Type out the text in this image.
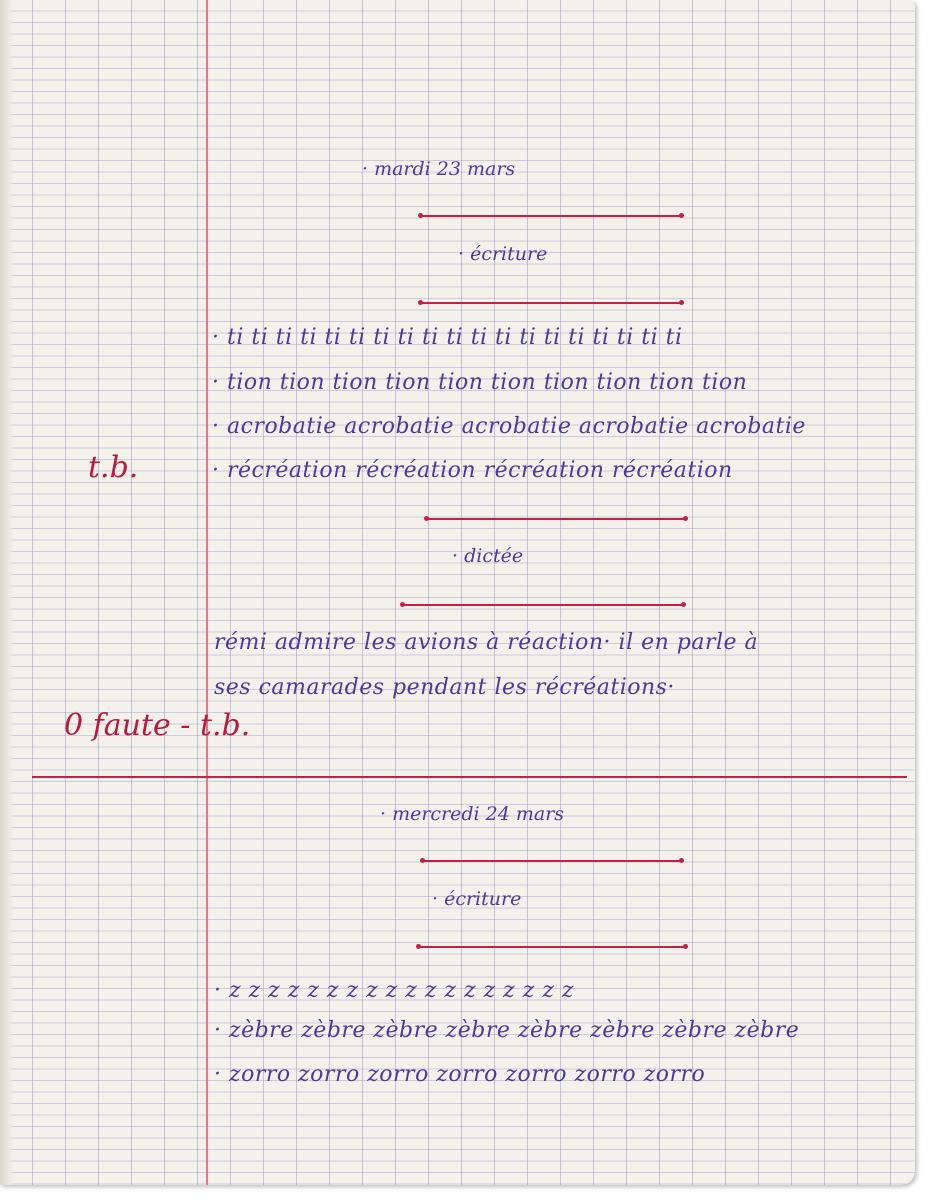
· mardi 23 mars
· écriture
· ti ti ti ti ti ti ti ti ti ti ti ti ti ti ti ti ti ti ti
· tion tion tion tion tion tion tion tion tion tion
· acrobatie acrobatie acrobatie acrobatie acrobatie
· récréation récréation récréation récréation
t.b.
· dictée
rémi admire les avions à réaction· il en parle à
ses camarades pendant les récréations·
0 faute - t.b.
· mercredi 24 mars
· écriture
· z z z z z z z z z z z z z z z z z z
· zèbre zèbre zèbre zèbre zèbre zèbre zèbre zèbre
· zorro zorro zorro zorro zorro zorro zorro
